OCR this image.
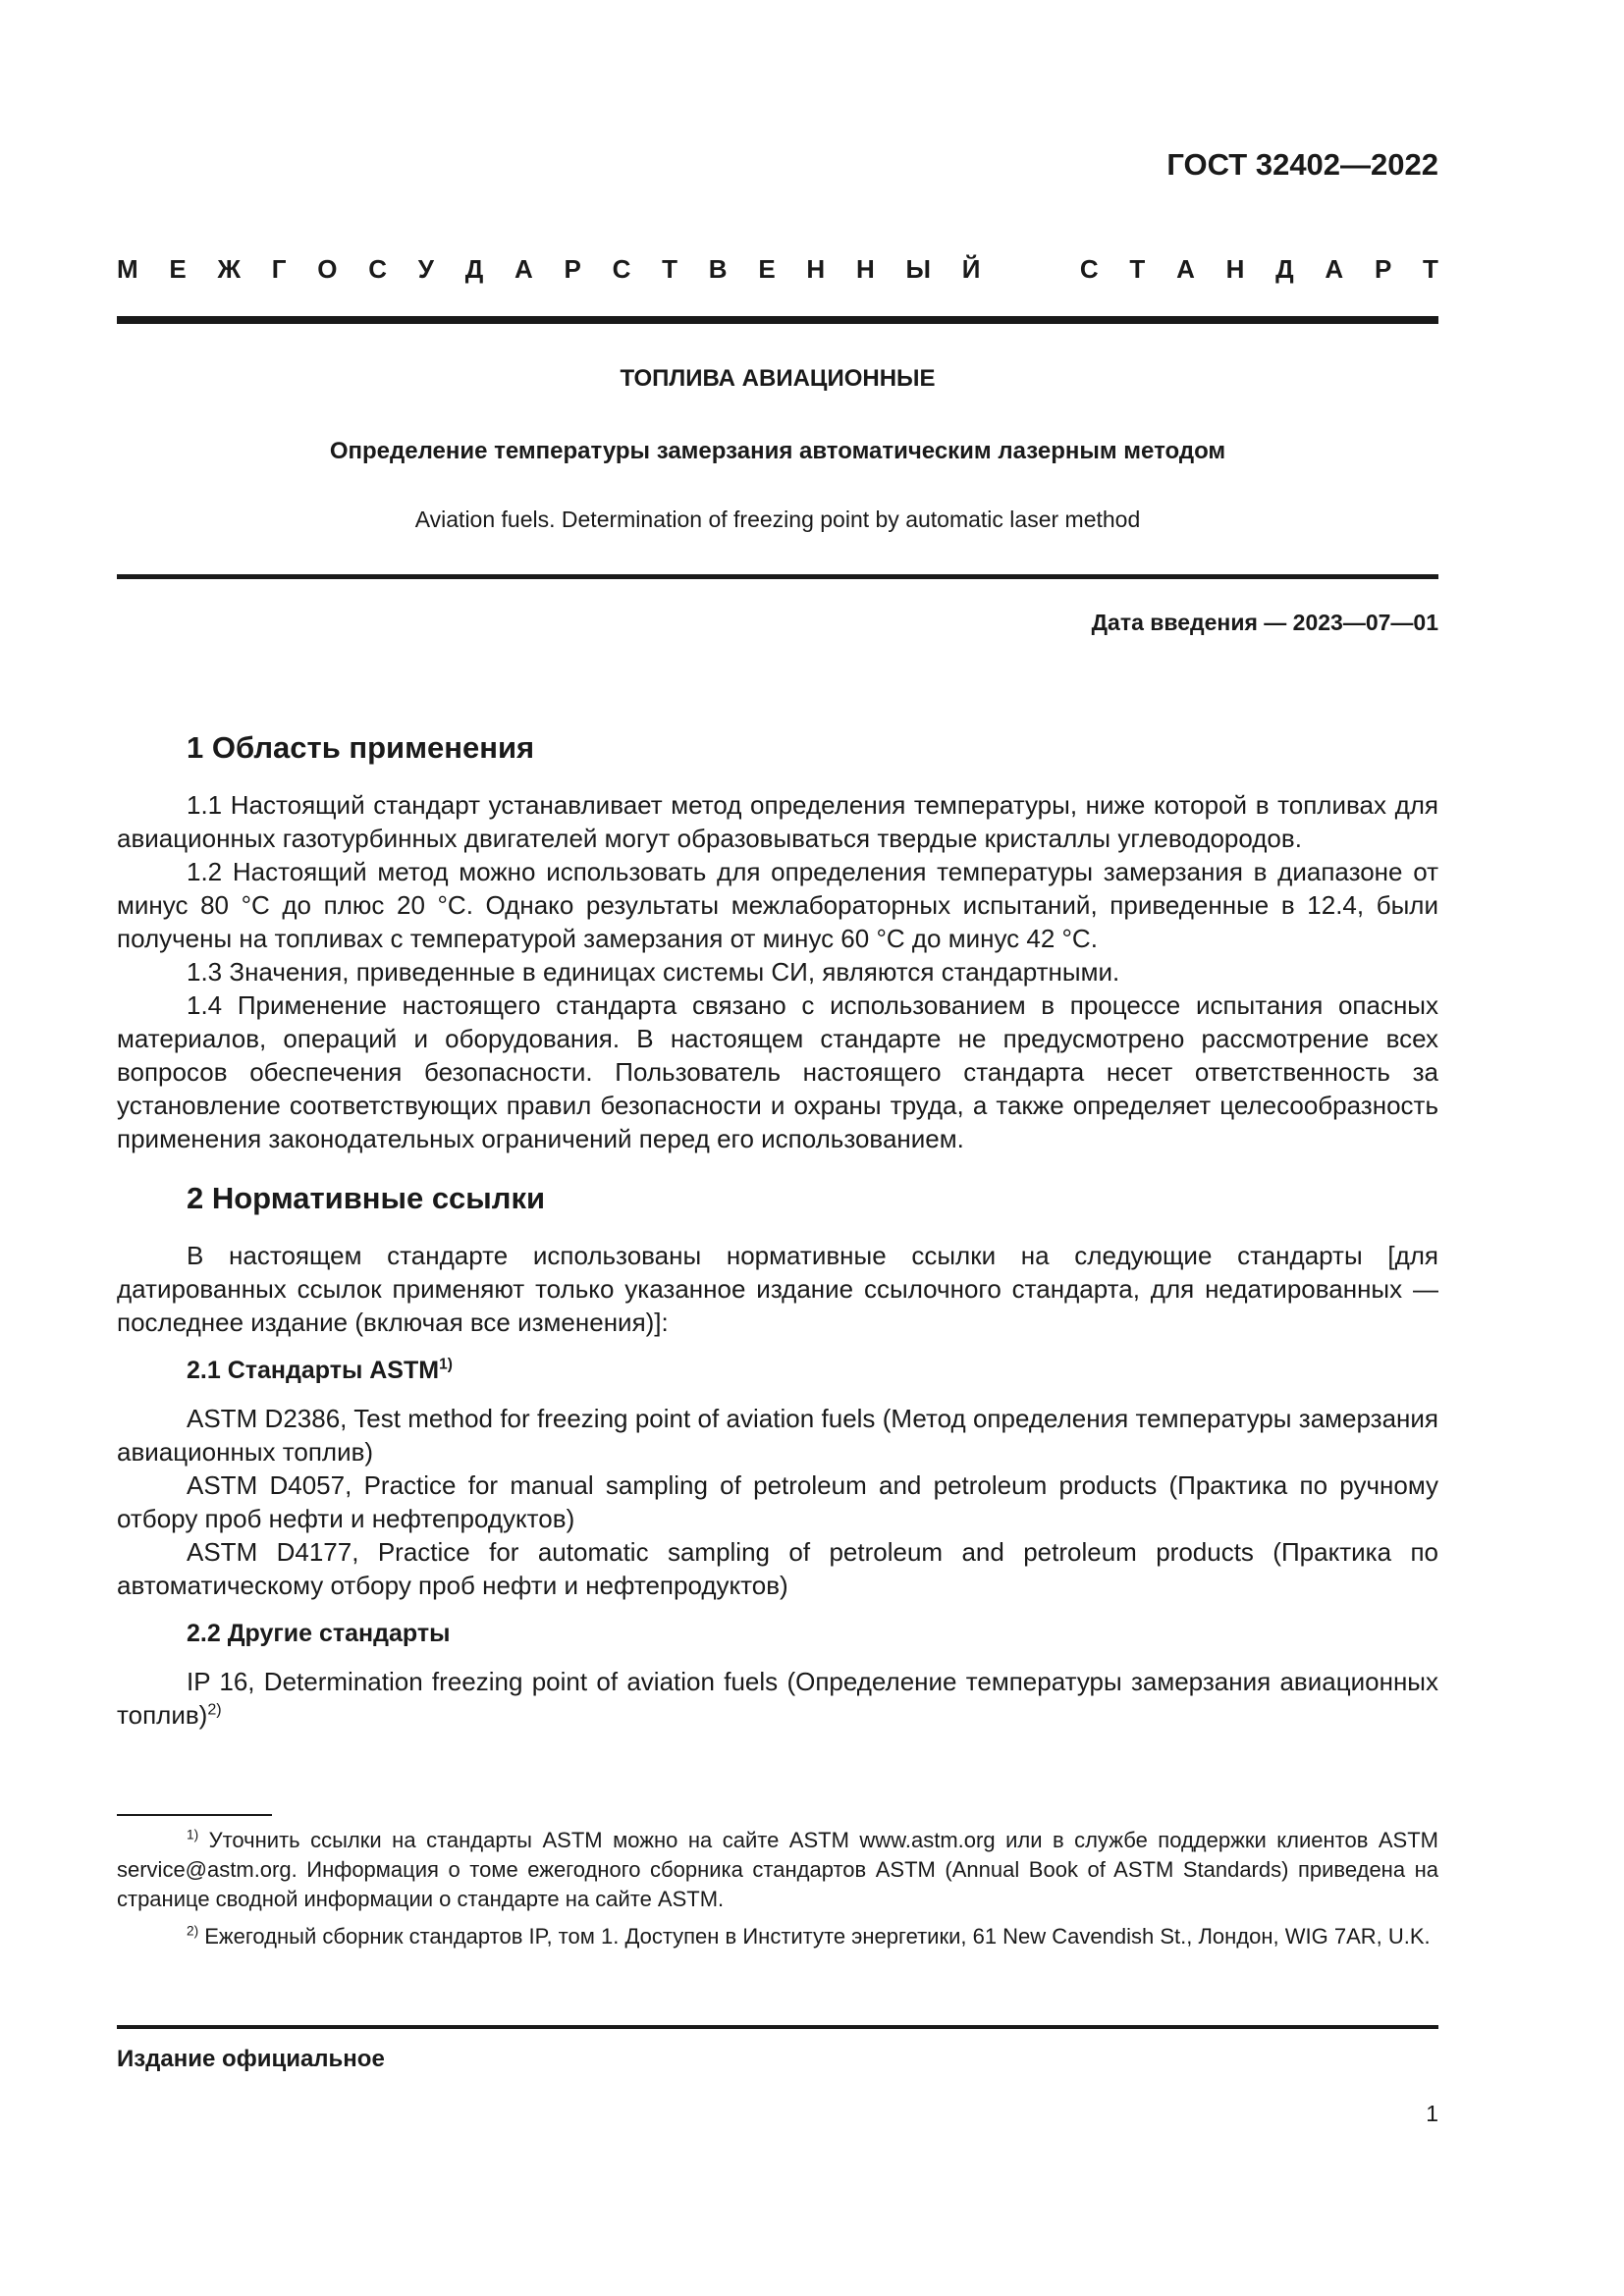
ГОСТ 32402—2022
М Е Ж Г О С У Д А Р С Т В Е Н Н Ы Й	С Т А Н Д А Р Т
ТОПЛИВА АВИАЦИОННЫЕ
Определение температуры замерзания автоматическим лазерным методом
Aviation fuels. Determination of freezing point by automatic laser method
Дата введения — 2023—07—01
1 Область применения

1.1 Настоящий стандарт устанавливает метод определения температуры, ниже которой в топливах для авиационных газотурбинных двигателей могут образовываться твердые кристаллы углеводородов.

1.2 Настоящий метод можно использовать для определения температуры замерзания в диапазоне от минус 80 °C до плюс 20 °C. Однако результаты межлабораторных испытаний, приведенные в 12.4, были получены на топливах с температурой замерзания от минус 60 °C до минус 42 °C.

1.3 Значения, приведенные в единицах системы СИ, являются стандартными.

1.4 Применение настоящего стандарта связано с использованием в процессе испытания опасных материалов, операций и оборудования. В настоящем стандарте не предусмотрено рассмотрение всех вопросов обеспечения безопасности. Пользователь настоящего стандарта несет ответственность за установление соответствующих правил безопасности и охраны труда, а также определяет целесообразность применения законодательных ограничений перед его использованием.

2 Нормативные ссылки

В настоящем стандарте использованы нормативные ссылки на следующие стандарты [для датированных ссылок применяют только указанное издание ссылочного стандарта, для недатированных — последнее издание (включая все изменения)]:

2.1 Стандарты ASTM$^{1)}$

ASTM D2386, Test method for freezing point of aviation fuels (Метод определения температуры замерзания авиационных топлив)

ASTM D4057, Practice for manual sampling of petroleum and petroleum products (Практика по ручному отбору проб нефти и нефтепродуктов)

ASTM D4177, Practice for automatic sampling of petroleum and petroleum products (Практика по автоматическому отбору проб нефти и нефтепродуктов)

2.2 Другие стандарты

IP 16, Determination freezing point of aviation fuels (Определение температуры замерзания авиационных топлив)$^{2)}$

$^{1)}$ Уточнить ссылки на стандарты ASTM можно на сайте ASTM www.astm.org или в службе поддержки клиентов ASTM service@astm.org. Информация о томе ежегодного сборника стандартов ASTM (Annual Book of ASTM Standards) приведена на странице сводной информации о стандарте на сайте ASTM.

$^{2)}$ Ежегодный сборник стандартов IP, том 1. Доступен в Институте энергетики, 61 New Cavendish St., Лондон, WIG 7AR, U.K.

Издание официальное
1
